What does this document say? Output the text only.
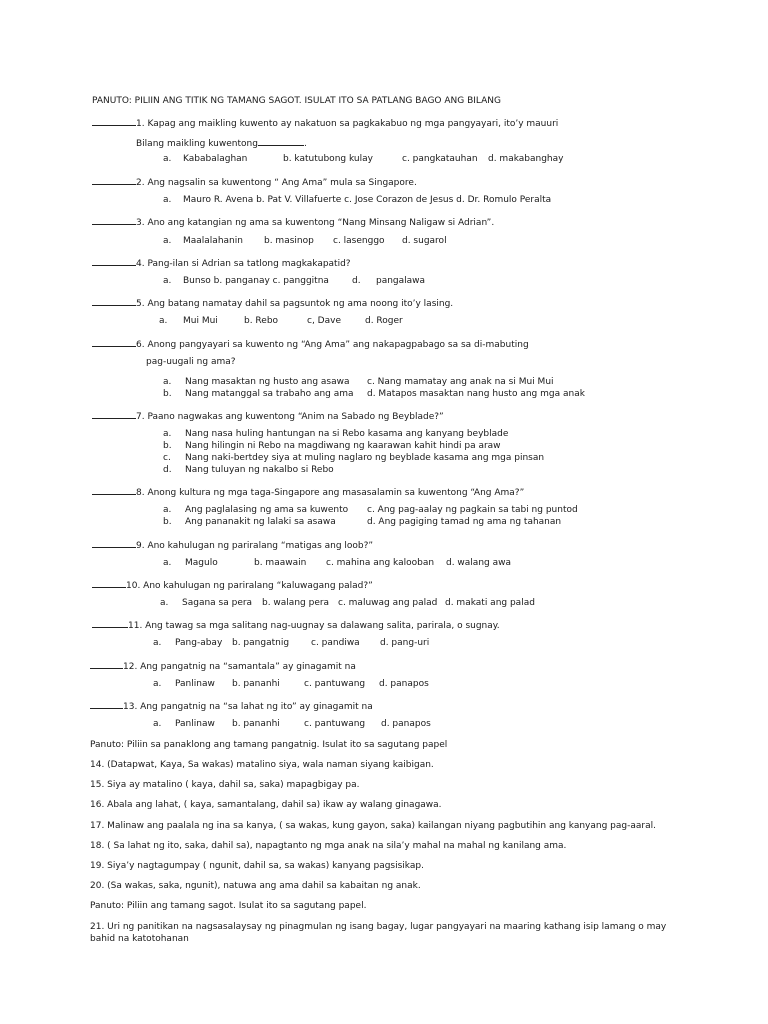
PANUTO: PILIIN ANG TITIK NG TAMANG SAGOT. ISULAT ITO SA PATLANG BAGO ANG BILANG
1. Kapag ang maikling kuwento ay nakatuon sa pagkakabuo ng mga pangyayari, ito’y mauuri
Bilang maikling kuwentong	.
a. Kababalaghan	b. katutubong kulay	c. pangkatauhan d. makabanghay
2. Ang nagsalin sa kuwentong “ Ang Ama” mula sa Singapore.
a. Mauro R. Avena b. Pat V. Villafuerte c. Jose Corazon de Jesus d. Dr. Romulo Peralta
3. Ano ang katangian ng ama sa kuwentong “Nang Minsang Naligaw si Adrian”.
a. Maalalahanin b. masinop c. lasenggo d. sugarol
4. Pang-ilan si Adrian sa tatlong magkakapatid?
a. Bunso b. panganay c. panggitna	d. pangalawa
5. Ang batang namatay dahil sa pagsuntok ng ama noong ito’y lasing.
a. Mui Mui	b. Rebo	c, Dave	d. Roger
6. Anong pangyayari sa kuwento ng “Ang Ama” ang nakapagpabago sa sa di-mabuting
pag-uugali ng ama?
a. Nang masaktan ng husto ang asawa c. Nang mamatay ang anak na si Mui Mui
b. Nang matanggal sa trabaho ang ama d. Matapos masaktan nang husto ang mga anak
7. Paano nagwakas ang kuwentong “Anim na Sabado ng Beyblade?”
a. Nang nasa huling hantungan na si Rebo kasama ang kanyang beyblade
b. Nang hilingin ni Rebo na magdiwang ng kaarawan kahit hindi pa araw
c. Nang naki-bertdey siya at muling naglaro ng beyblade kasama ang mga pinsan
d. Nang tuluyan ng nakalbo si Rebo
8. Anong kultura ng mga taga-Singapore ang masasalamin sa kuwentong “Ang Ama?”
a. Ang paglalasing ng ama sa kuwento c. Ang pag-aalay ng pagkain sa tabi ng puntod
b. Ang pananakit ng lalaki sa asawa	d. Ang pagiging tamad ng ama ng tahanan
9. Ano kahulugan ng pariralang “matigas ang loob?”
a. Magulo	b. maawain c. mahina ang kalooban d. walang awa
10. Ano kahulugan ng pariralang “kaluwagang palad?”
a. Sagana sa pera b. walang pera c. maluwag ang palad d. makati ang palad
11. Ang tawag sa mga salitang nag-uugnay sa dalawang salita, parirala, o sugnay.
a. Pang-abay b. pangatnig c. pandiwa d. pang-uri
12. Ang pangatnig na “samantala” ay ginagamit na
a. Panlinaw b. pananhi	c. pantuwang d. panapos
13. Ang pangatnig na “sa lahat ng ito” ay ginagamit na
a. Panlinaw b. pananhi	c. pantuwang d. panapos
Panuto: Piliin sa panaklong ang tamang pangatnig. Isulat ito sa sagutang papel
14. (Datapwat, Kaya, Sa wakas) matalino siya, wala naman siyang kaibigan.
15. Siya ay matalino ( kaya, dahil sa, saka) mapagbigay pa.
16. Abala ang lahat, ( kaya, samantalang, dahil sa) ikaw ay walang ginagawa.
17. Malinaw ang paalala ng ina sa kanya, ( sa wakas, kung gayon, saka) kailangan niyang pagbutihin ang kanyang pag-aaral.
18. ( Sa lahat ng ito, saka, dahil sa), napagtanto ng mga anak na sila’y mahal na mahal ng kanilang ama.
19. Siya’y nagtagumpay ( ngunit, dahil sa, sa wakas) kanyang pagsisikap.
20. (Sa wakas, saka, ngunit), natuwa ang ama dahil sa kabaitan ng anak.
Panuto: Piliin ang tamang sagot. Isulat ito sa sagutang papel.
21. Uri ng panitikan na nagsasalaysay ng pinagmulan ng isang bagay, lugar pangyayari na maaring kathang isip lamang o may
bahid na katotohanan
